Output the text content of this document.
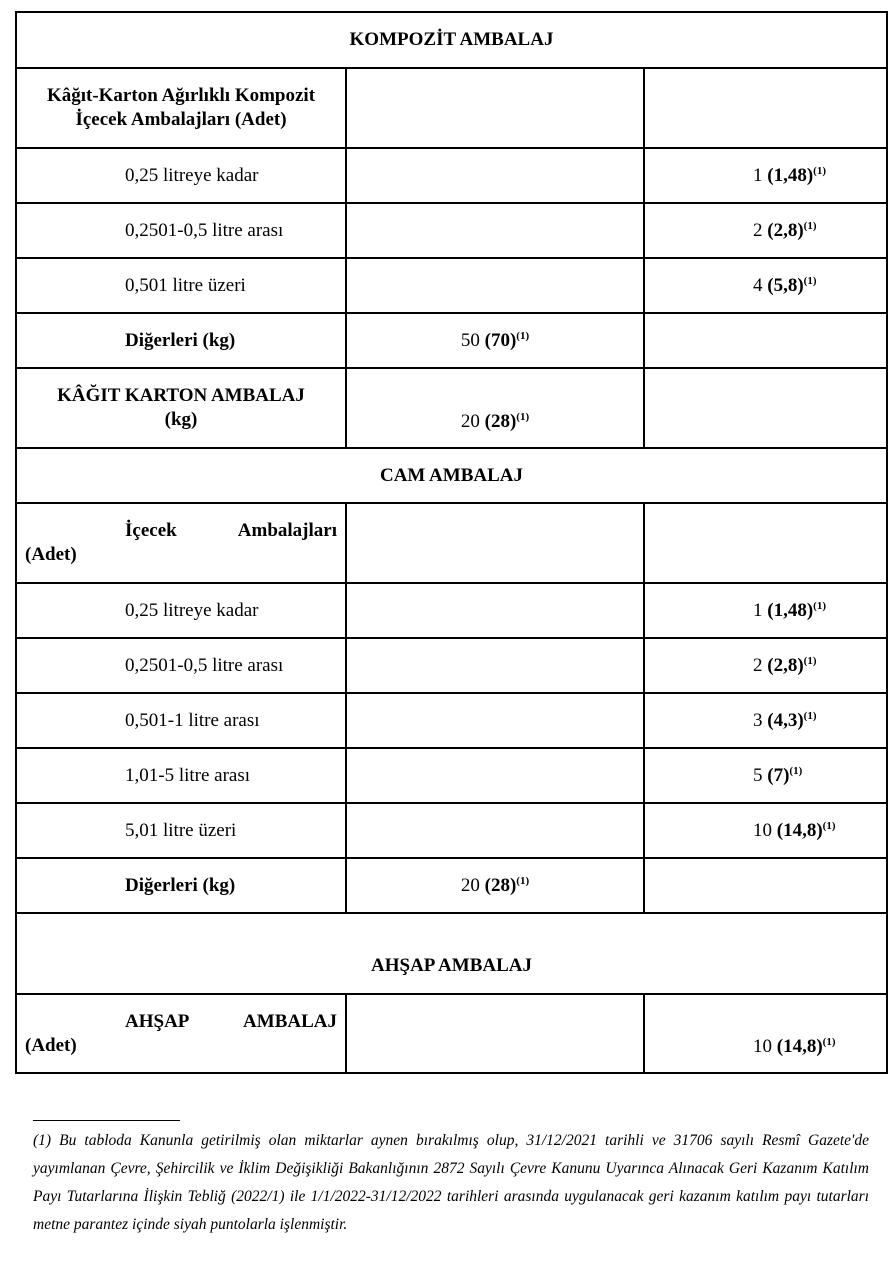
KOMPOZİT AMBALAJ		
Kâğıt-Karton Ağırlıklı Kompozit İçecek Ambalajları (Adet)		
0,25 litreye kadar		1 $(1,48)^{(1)}$
0,2501-0,5 litre arası		2 $(2,8)^{(1)}$
0,501 litre üzeri		4 $(5,8)^{(1)}$
Diğerleri (kg)	50 $(70)^{(1)}$	
KÂĞIT KARTON AMBALAJ
(kg)	20 $(28)^{(1)}$	
CAM AMBALAJ		

İçecek Ambalajları
(Adet)		

0,25 litreye kadar		1 $(1,48)^{(1)}$
0,2501-0,5 litre arası		2 $(2,8)^{(1)}$
0,501-1 litre arası		3 $(4,3)^{(1)}$
1,01-5 litre arası		5 $(7)^{(1)}$
5,01 litre üzeri		10 $(14,8)^{(1)}$
Diğerleri (kg)	20 $(28)^{(1)}$	
AHŞAP AMBALAJ		

AHŞAP AMBALAJ
(Adet)		10 $(14,8)^{(1)}$
(1) Bu tabloda Kanunla getirilmiş olan miktarlar aynen bırakılmış olup, 31/12/2021 tarihli ve 31706 sayılı Resmî Gazete'de yayımlanan Çevre, Şehircilik ve İklim Değişikliği Bakanlığının 2872 Sayılı Çevre Kanunu Uyarınca Alınacak Geri Kazanım Katılım Payı Tutarlarına İlişkin Tebliğ (2022/1) ile 1/1/2022-31/12/2022 tarihleri arasında uygulanacak geri kazanım katılım payı tutarları metne parantez içinde siyah puntolarla işlenmiştir.
